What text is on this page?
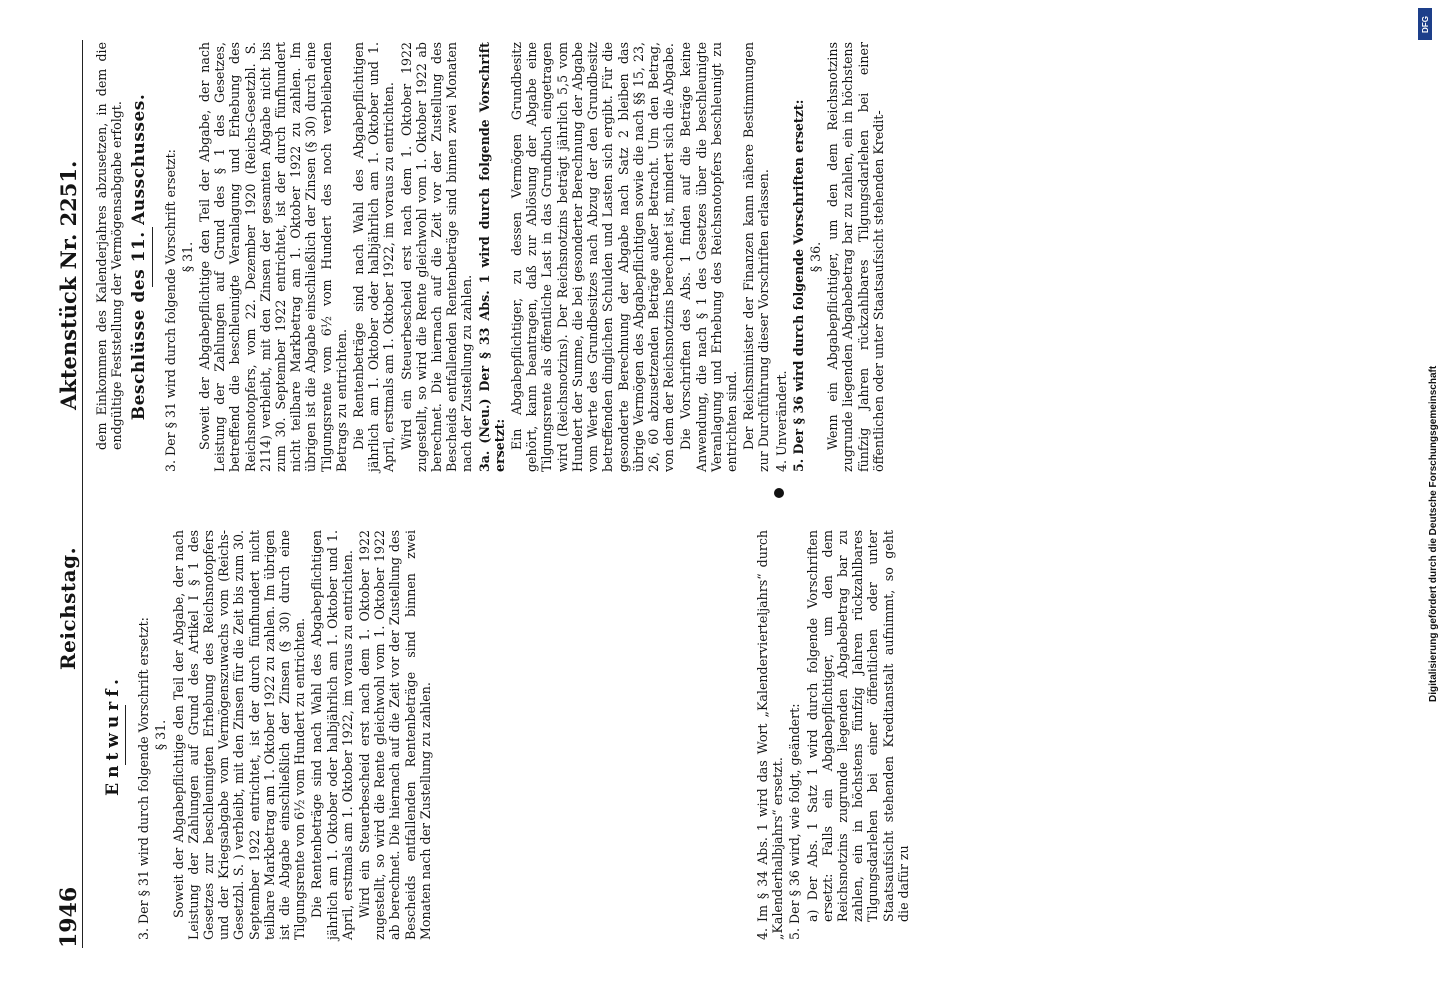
1946
Reichstag.
Aktenstück Nr. 2251.
Entwurf. 3. Der § 31 wird durch folgende Vorschrift ersetzt: § 31. Soweit der Abgabepflichtige den Teil der Abgabe, der nach Leistung der Zahlungen auf Grund des Artikel I § 1 des Gesetzes zur beschleunigten Erhebung des Reichsnotopfers und der Kriegsabgabe vom Vermögenszuwachs vom (Reichs-Gesetzbl. S. ) verbleibt, mit den Zinsen für die Zeit bis zum 30. September 1922 entrichtet, ist der durch fünfhundert nicht teilbare Markbetrag am 1. Oktober 1922 zu zahlen. Im übrigen ist die Abgabe einschließlich der Zinsen (§ 30) durch eine Tilgungsrente von 6½ vom Hundert zu entrichten. Die Rentenbeträge sind nach Wahl des Abgabepflichtigen jährlich am 1. Oktober oder halbjährlich am 1. Oktober und 1. April, erstmals am 1. Oktober 1922, im voraus zu entrichten. Wird ein Steuerbescheid erst nach dem 1. Oktober 1922 zugestellt, so wird die Rente gleichwohl vom 1. Oktober 1922 ab berechnet. Die hiernach auf die Zeit vor der Zustellung des Bescheids entfallenden Rentenbeträge sind binnen zwei Monaten nach der Zustellung zu zahlen.	4. Im § 34 Abs. 1 wird das Wort „Kalendervierteljahrs“ durch „Kalenderhalbjahrs“ ersetzt. 5. Der § 36 wird, wie folgt, geändert: a) Der Abs. 1 Satz 1 wird durch folgende Vorschriften ersetzt: Falls ein Abgabepflichtiger, um den dem Reichsnotzins zugrunde liegenden Abgabebetrag bar zu zahlen, ein in höchstens fünfzig Jahren rückzahlbares Tilgungsdarlehen bei einer öffentlichen oder unter Staatsaufsicht stehenden Kreditanstalt aufnimmt, so geht die dafür zu
dem Einkommen des Kalenderjahres abzusetzen, in dem die endgültige Feststellung der Vermögensabgabe erfolgt. Beschlüsse des 11. Ausschusses. 3. Der § 31 wird durch folgende Vorschrift ersetzt: § 31. Soweit der Abgabepflichtige den Teil der Abgabe, der nach Leistung der Zahlungen auf Grund des § 1 des Gesetzes, betreffend die beschleunigte Veranlagung und Erhebung des Reichsnotopfers, vom 22. Dezember 1920 (Reichs-Gesetzbl. S. 2114) verbleibt, mit den Zinsen der gesamten Abgabe nicht bis zum 30. September 1922 entrichtet, ist der durch fünfhundert nicht teilbare Markbetrag am 1. Oktober 1922 zu zahlen. Im übrigen ist die Abgabe einschließlich der Zinsen (§ 30) durch eine Tilgungsrente vom 6½ vom Hundert des noch verbleibenden Betrags zu entrichten. Die Rentenbeträge sind nach Wahl des Abgabepflichtigen jährlich am 1. Oktober oder halbjährlich am 1. Oktober und 1. April, erstmals am 1. Oktober 1922, im voraus zu entrichten. Wird ein Steuerbescheid erst nach dem 1. Oktober 1922 zugestellt, so wird die Rente gleichwohl vom 1. Oktober 1922 ab berechnet. Die hiernach auf die Zeit vor der Zustellung des Bescheids entfallenden Rentenbeträge sind binnen zwei Monaten nach der Zustellung zu zahlen. 3a. (Neu.) Der § 33 Abs. 1 wird durch folgende Vorschrift ersetzt: Ein Abgabepflichtiger, zu dessen Vermögen Grundbesitz gehört, kann beantragen, daß zur Ablösung der Abgabe eine Tilgungsrente als öffentliche Last in das Grundbuch eingetragen wird (Reichsnotzins). Der Reichsnotzins beträgt jährlich 5,5 vom Hundert der Summe, die bei gesonderter Berechnung der Abgabe vom Werte des Grundbesitzes nach Abzug der den Grundbesitz betreffenden dinglichen Schulden und Lasten sich ergibt. Für die gesonderte Berechnung der Abgabe nach Satz 2 bleiben das übrige Vermögen des Abgabepflichtigen sowie die nach §§ 15, 23, 26, 60 abzusetzenden Beträge außer Betracht. Um den Betrag, von dem der Reichsnotzins berechnet ist, mindert sich die Abgabe. Die Vorschriften des Abs. 1 finden auf die Beträge keine Anwendung, die nach § 1 des Gesetzes über die beschleunigte Veranlagung und Erhebung des Reichsnotopfers beschleunigt zu entrichten sind. Der Reichsminister der Finanzen kann nähere Bestimmungen zur Durchführung dieser Vorschriften erlassen. 4. Unverändert. 5. Der § 36 wird durch folgende Vorschriften ersetzt: § 36. Wenn ein Abgabepflichtiger, um den dem Reichsnotzins zugrunde liegenden Abgabebetrag bar zu zahlen, ein in höchstens fünfzig Jahren rückzahlbares Tilgungsdarlehen bei einer öffentlichen oder unter Staatsaufsicht stehenden Kredit-
DFG
Digitalisierung gefördert durch die Deutsche Forschungsgemeinschaft
